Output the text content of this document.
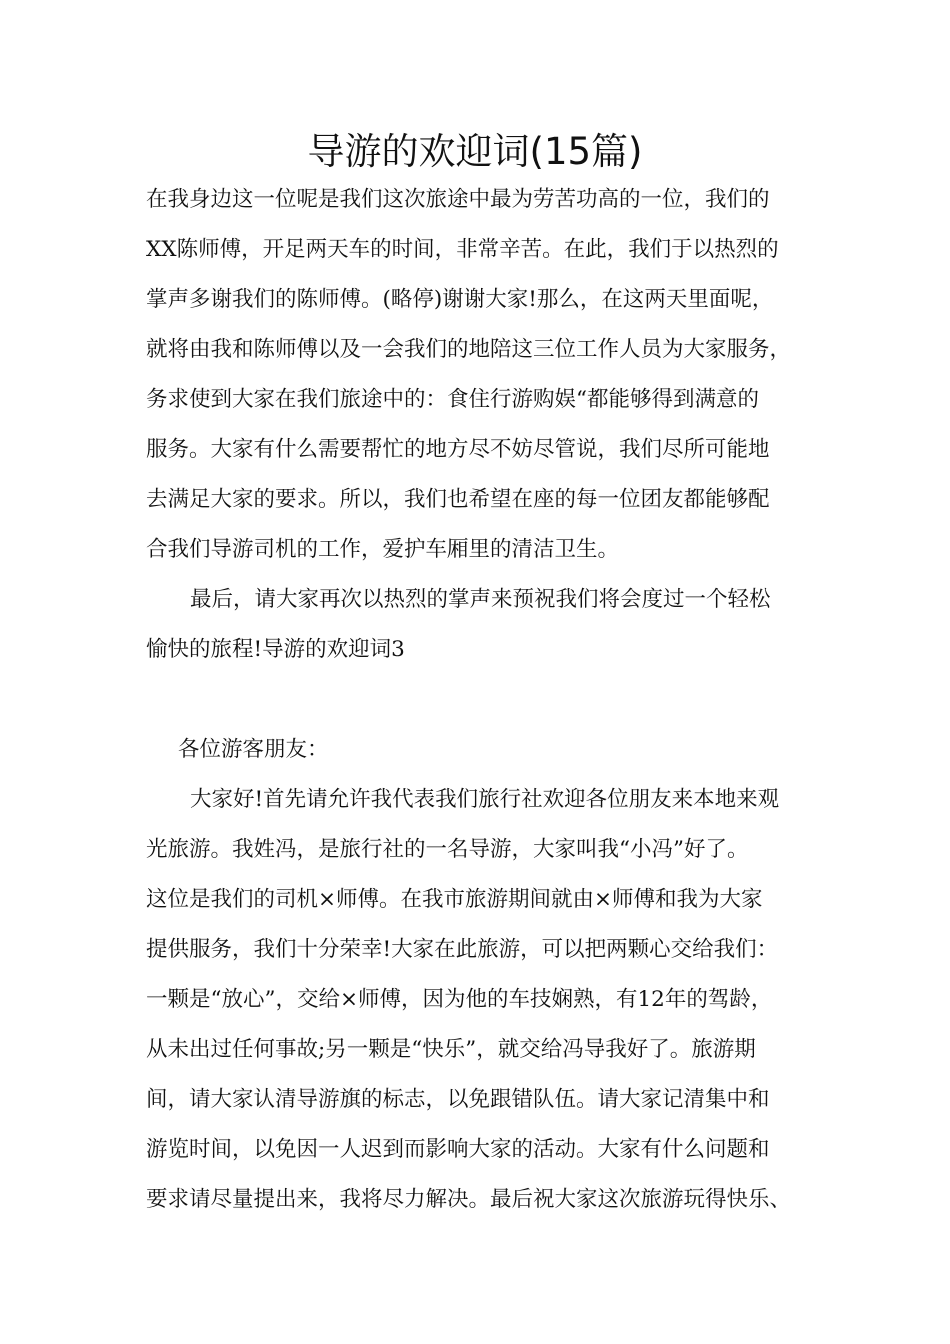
导游的欢迎词(15篇)

在我身边这一位呢是我们这次旅途中最为劳苦功高的一位，我们的

XX陈师傅，开足两天车的时间，非常辛苦。在此，我们于以热烈的

掌声多谢我们的陈师傅。(略停)谢谢大家!那么，在这两天里面呢，

就将由我和陈师傅以及一会我们的地陪这三位工作人员为大家服务，

务求使到大家在我们旅途中的：食住行游购娱“都能够得到满意的

服务。大家有什么需要帮忙的地方尽不妨尽管说，我们尽所可能地

去满足大家的要求。所以，我们也希望在座的每一位团友都能够配

合我们导游司机的工作，爱护车厢里的清洁卫生。

最后，请大家再次以热烈的掌声来预祝我们将会度过一个轻松

愉快的旅程!导游的欢迎词3

各位游客朋友：

大家好!首先请允许我代表我们旅行社欢迎各位朋友来本地来观

光旅游。我姓冯，是旅行社的一名导游，大家叫我“小冯”好了。

这位是我们的司机×师傅。在我市旅游期间就由×师傅和我为大家

提供服务，我们十分荣幸!大家在此旅游，可以把两颗心交给我们：

一颗是“放心”，交给×师傅，因为他的车技娴熟，有12年的驾龄，

从未出过任何事故;另一颗是“快乐”，就交给冯导我好了。旅游期

间，请大家认清导游旗的标志，以免跟错队伍。请大家记清集中和

游览时间，以免因一人迟到而影响大家的活动。大家有什么问题和

要求请尽量提出来，我将尽力解决。最后祝大家这次旅游玩得快乐、
